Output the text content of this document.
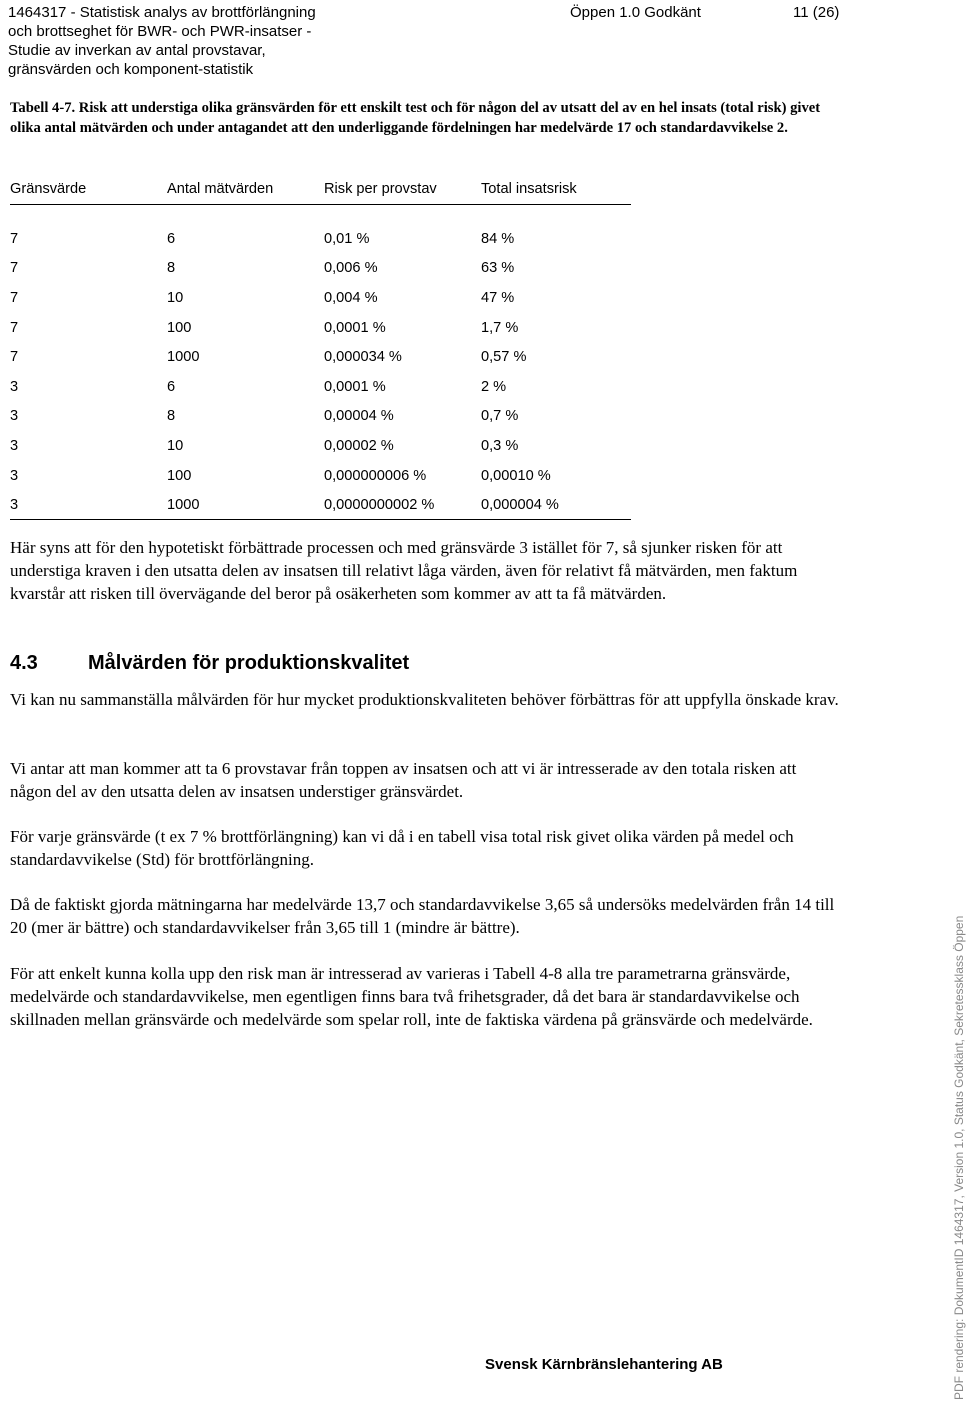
1464317 - Statistisk analys av brottförlängning
och brottseghet för BWR- och PWR-insatser -
Studie av inverkan av antal provstavar,
gränsvärden och komponent-statistik
Öppen 1.0 Godkänt	11 (26)
Tabell 4-7. Risk att understiga olika gränsvärden för ett enskilt test och för någon del av utsatt del av en hel insats (total risk) givet olika antal mätvärden och under antagandet att den underliggande fördelningen har medelvärde 17 och standardavvikelse 2.
Gränsvärde	Antal mätvärden	Risk per provstav	Total insatsrisk

7	6	0,01 %	84 %
7	8	0,006 %	63 %
7	10	0,004 %	47 %
7	100	0,0001 %	1,7 %
7	1000	0,000034 %	0,57 %
3	6	0,0001 %	2 %
3	8	0,00004 %	0,7 %
3	10	0,00002 %	0,3 %
3	100	0,000000006 %	0,00010 %
3	1000	0,0000000002 %	0,000004 %

Här syns att för den hypotetiskt förbättrade processen och med gränsvärde 3 istället för 7, så sjunker risken för att understiga kraven i den utsatta delen av insatsen till relativt låga värden, även för relativt få mätvärden, men faktum kvarstår att risken till övervägande del beror på osäkerheten som kommer av att ta få mätvärden.

4.3	Målvärden för produktionskvalitet

Vi kan nu sammanställa målvärden för hur mycket produktionskvaliteten behöver förbättras för att uppfylla önskade krav.

Vi antar att man kommer att ta 6 provstavar från toppen av insatsen och att vi är intresserade av den totala risken att någon del av den utsatta delen av insatsen understiger gränsvärdet.

För varje gränsvärde (t ex 7 % brottförlängning) kan vi då i en tabell visa total risk givet olika värden på medel och standardavvikelse (Std) för brottförlängning.

Då de faktiskt gjorda mätningarna har medelvärde 13,7 och standardavvikelse 3,65 så undersöks medelvärden från 14 till 20 (mer är bättre) och standardavvikelser från 3,65 till 1 (mindre är bättre).

För att enkelt kunna kolla upp den risk man är intresserad av varieras i Tabell 4-8 alla tre parametrarna gränsvärde, medelvärde och standardavvikelse, men egentligen finns bara två frihetsgrader, då det bara är standardavvikelse och skillnaden mellan gränsvärde och medelvärde som spelar roll, inte de faktiska värdena på gränsvärde och medelvärde.

Svensk Kärnbränslehantering AB	PDF rendering: DokumentID 1464317, Version 1.0, Status Godkänt, Sekretessklass Öppen
